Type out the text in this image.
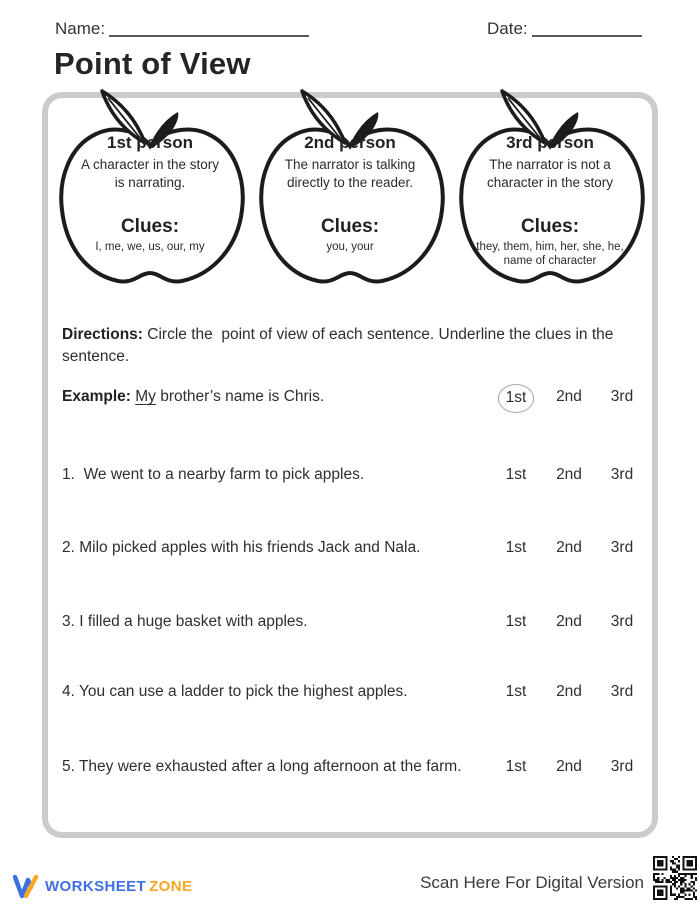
Name:	Date:
Point of View
1st person
A character in the story is narrating.
Clues:
I, me, we, us, our, my
2nd person
The narrator is talking directly to the reader.
Clues:
you, your
3rd person
The narrator is not a character in the story
Clues:
they, them, him, her, she, he, name of character

Directions: Circle the  point of view of each sentence. Underline the clues in the sentence.

Example: My brother’s name is Chris.	1st	2nd	3rd
1. We went to a nearby farm to pick apples.	1st	2nd	3rd
2. Milo picked apples with his friends Jack and Nala.	1st	2nd	3rd
3. I filled a huge basket with apples.	1st	2nd	3rd
4. You can use a ladder to pick the highest apples.	1st	2nd	3rd
5. They were exhausted after a long afternoon at the farm.	1st	2nd	3rd
WORKSHEET ZONE	Scan Here For Digital Version
